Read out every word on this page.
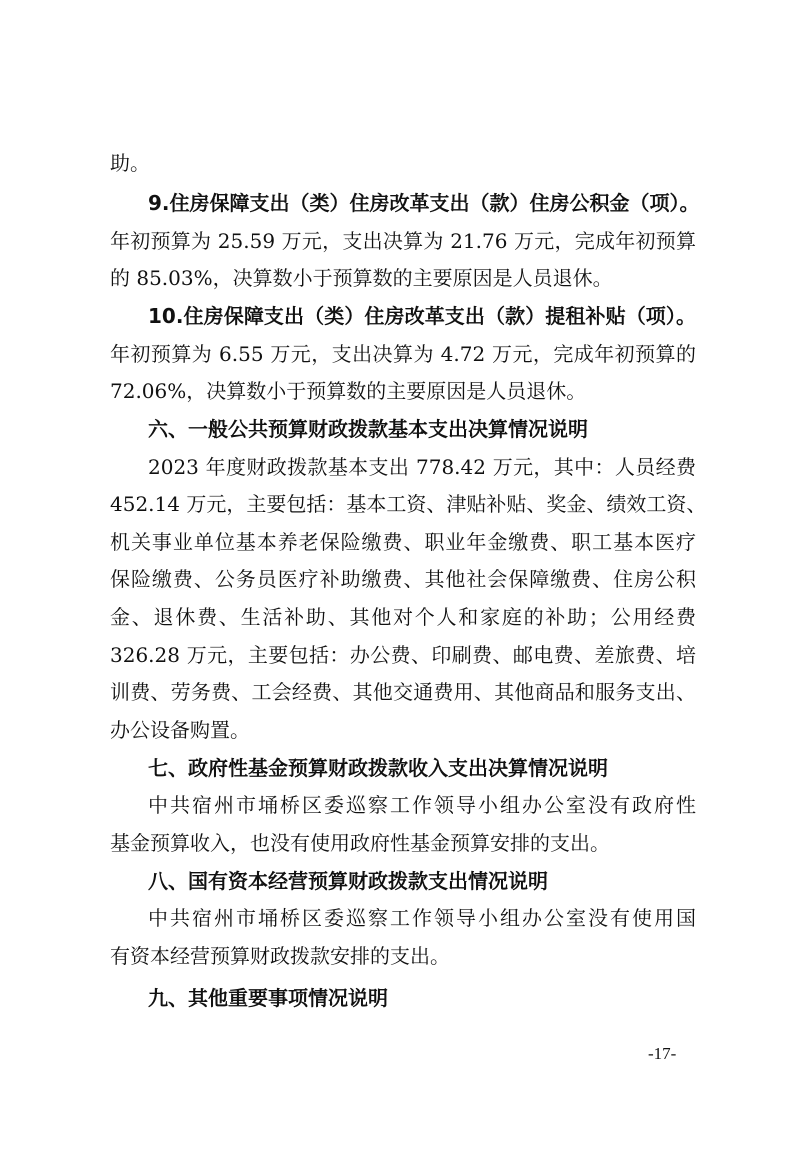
助。
9.住房保障支出（类）住房改革支出（款）住房公积金（项）。
年初预算为 25.59 万元，支出决算为 21.76 万元，完成年初预算
的 85.03%，决算数小于预算数的主要原因是人员退休。
10.住房保障支出（类）住房改革支出（款）提租补贴（项）。
年初预算为 6.55 万元，支出决算为 4.72 万元，完成年初预算的
72.06%，决算数小于预算数的主要原因是人员退休。
六、一般公共预算财政拨款基本支出决算情况说明
2023 年度财政拨款基本支出 778.42 万元，其中：人员经费
452.14 万元，主要包括：基本工资、津贴补贴、奖金、绩效工资、
机关事业单位基本养老保险缴费、职业年金缴费、职工基本医疗
保险缴费、公务员医疗补助缴费、其他社会保障缴费、住房公积
金、退休费、生活补助、其他对个人和家庭的补助；公用经费
326.28 万元，主要包括：办公费、印刷费、邮电费、差旅费、培
训费、劳务费、工会经费、其他交通费用、其他商品和服务支出、
办公设备购置。
七、政府性基金预算财政拨款收入支出决算情况说明
中共宿州市埇桥区委巡察工作领导小组办公室没有政府性
基金预算收入，也没有使用政府性基金预算安排的支出。
八、国有资本经营预算财政拨款支出情况说明
中共宿州市埇桥区委巡察工作领导小组办公室没有使用国
有资本经营预算财政拨款安排的支出。
九、其他重要事项情况说明
-17-
